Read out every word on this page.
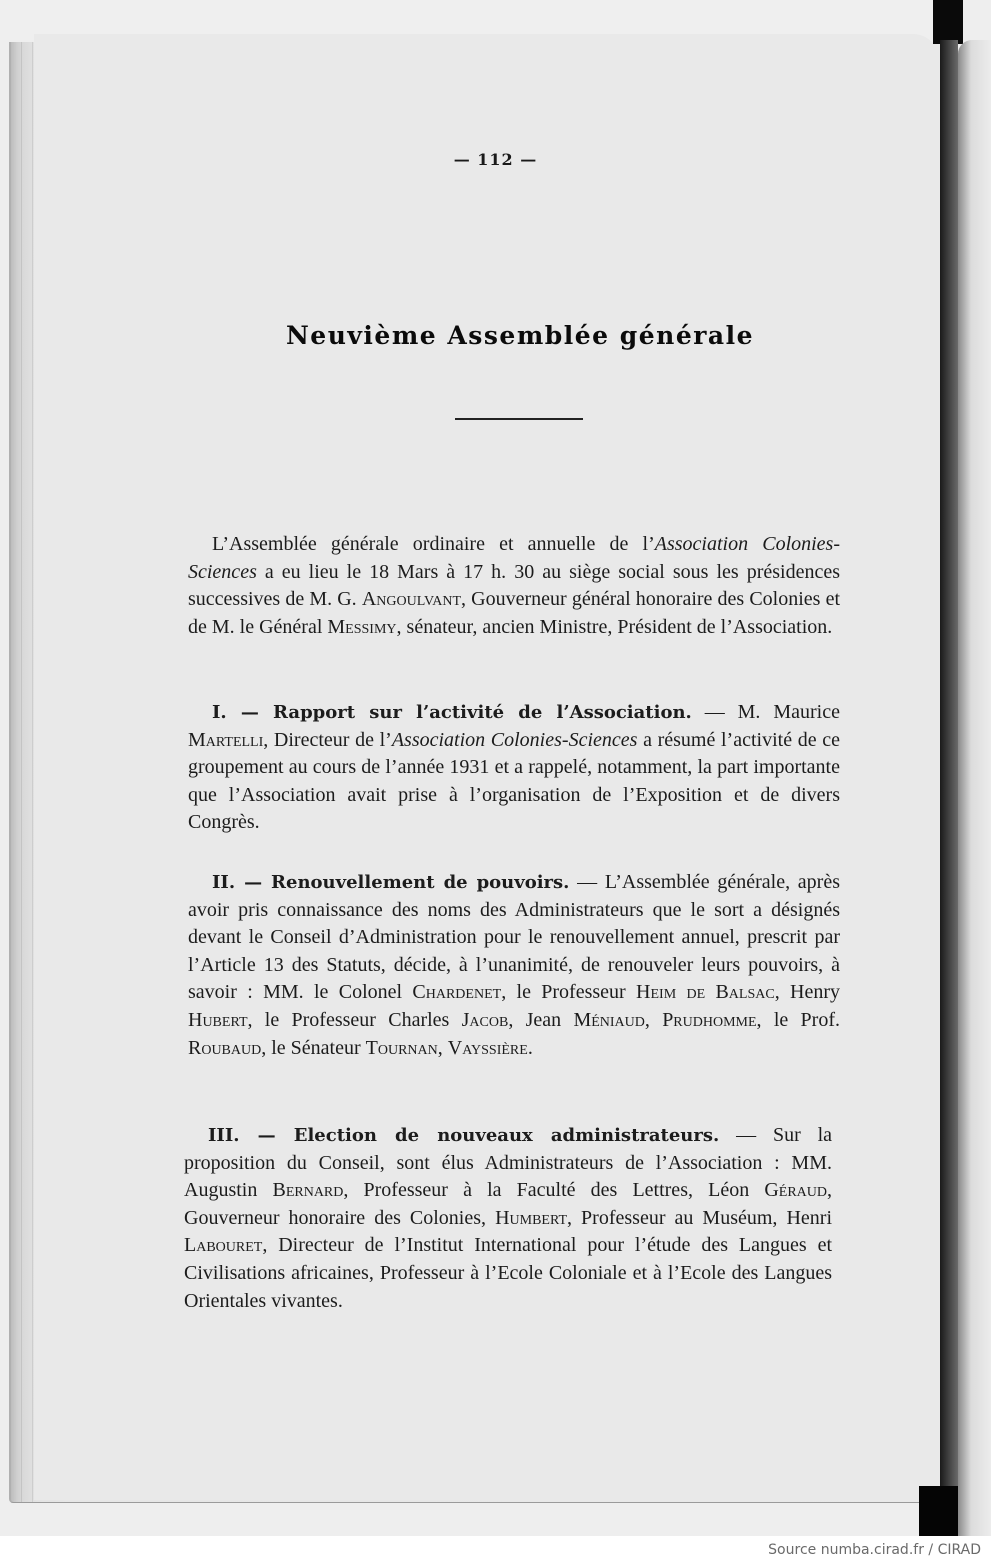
— 112 —
Neuvième Assemblée générale

L’Assemblée générale ordinaire et annuelle de l’Association Colonies-Sciences a eu lieu le 18 Mars à 17 h. 30 au siège social sous les présidences successives de M. G. Angoulvant, Gouverneur général honoraire des Colonies et de M. le Général Messimy, sénateur, ancien Ministre, Président de l’Association.

I. — Rapport sur l’activité de l’Association. — M. Maurice Martelli, Directeur de l’Association Colonies-Sciences a résumé l’activité de ce groupement au cours de l’année 1931 et a rappelé, notamment, la part importante que l’Association avait prise à l’organisation de l’Exposition et de divers Congrès.

II. — Renouvellement de pouvoirs. — L’Assemblée générale, après avoir pris connaissance des noms des Administrateurs que le sort a désignés devant le Conseil d’Administration pour le renouvellement annuel, prescrit par l’Article 13 des Statuts, décide, à l’unanimité, de renouveler leurs pouvoirs, à savoir : MM. le Colonel Chardenet, le Professeur Heim de Balsac, Henry Hubert, le Professeur Charles Jacob, Jean Méniaud, Prudhomme, le Prof. Roubaud, le Sénateur Tournan, Vayssière.

III. — Election de nouveaux administrateurs. — Sur la proposition du Conseil, sont élus Administrateurs de l’Association : MM. Augustin Bernard, Professeur à la Faculté des Lettres, Léon Géraud, Gouverneur honoraire des Colonies, Humbert, Professeur au Muséum, Henri Labouret, Directeur de l’Institut International pour l’étude des Langues et Civilisations africaines, Professeur à l’Ecole Coloniale et à l’Ecole des Langues Orientales vivantes.

Source numba.cirad.fr / CIRAD
